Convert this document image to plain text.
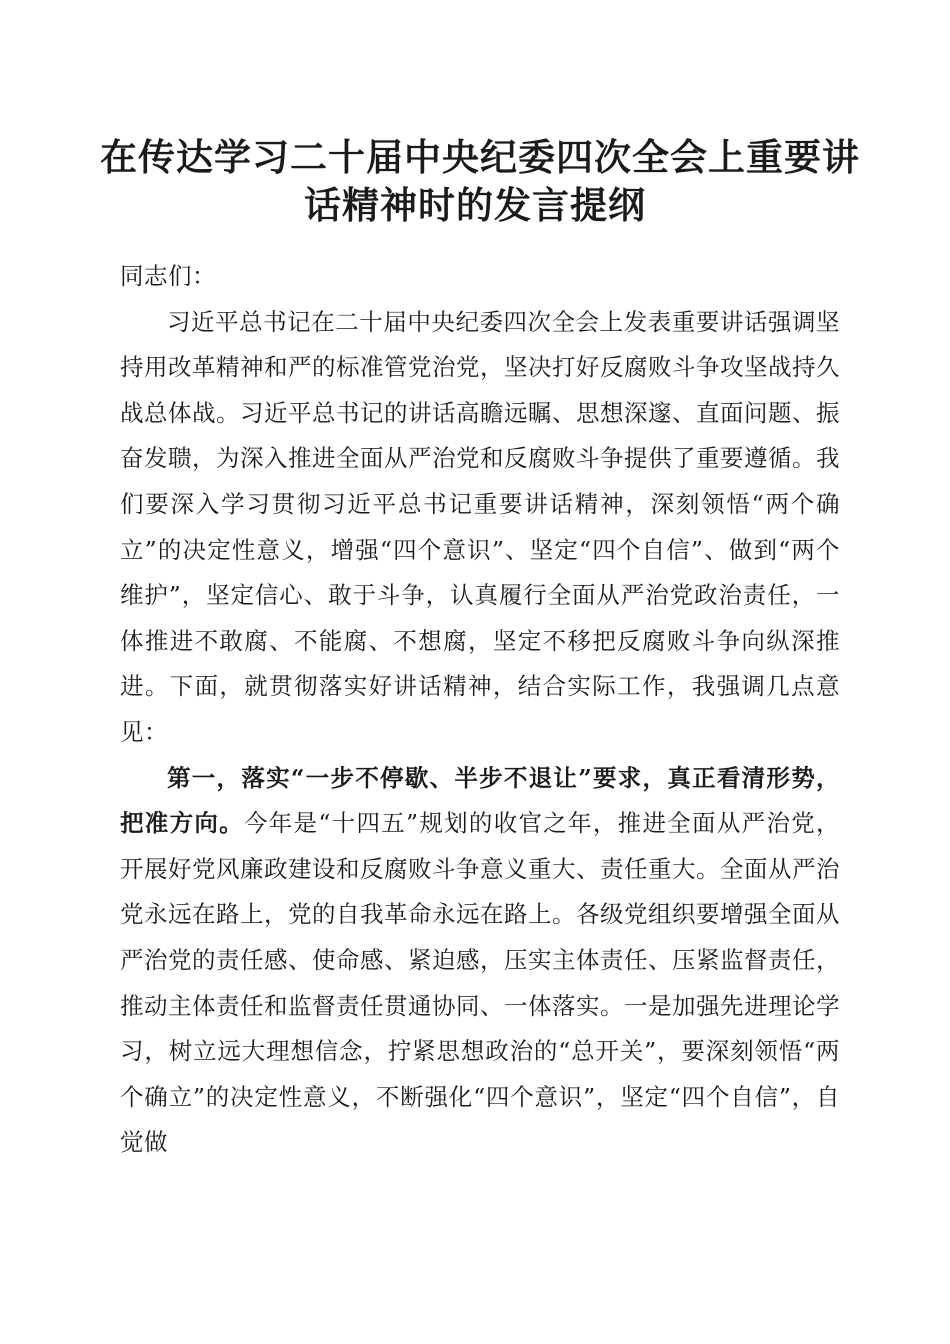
在传达学习二十届中央纪委四次全会上重要讲
话精神时的发言提纲

同志们：

习近平总书记在二十届中央纪委四次全会上发表重要讲话强调坚持用改革精神和严的标准管党治党，坚决打好反腐败斗争攻坚战持久战总体战。习近平总书记的讲话高瞻远瞩、思想深邃、直面问题、振奋发聩，为深入推进全面从严治党和反腐败斗争提供了重要遵循。我们要深入学习贯彻习近平总书记重要讲话精神，深刻领悟“两个确立”的决定性意义，增强“四个意识”、坚定“四个自信”、做到“两个维护”，坚定信心、敢于斗争，认真履行全面从严治党政治责任，一体推进不敢腐、不能腐、不想腐，坚定不移把反腐败斗争向纵深推进。下面，就贯彻落实好讲话精神，结合实际工作，我强调几点意见：

第一，落实“一步不停歇、半步不退让”要求，真正看清形势，把准方向。今年是“十四五”规划的收官之年，推进全面从严治党，开展好党风廉政建设和反腐败斗争意义重大、责任重大。全面从严治党永远在路上，党的自我革命永远在路上。各级党组织要增强全面从严治党的责任感、使命感、紧迫感，压实主体责任、压紧监督责任，推动主体责任和监督责任贯通协同、一体落实。一是加强先进理论学习，树立远大理想信念，拧紧思想政治的“总开关”，要深刻领悟“两个确立”的决定性意义，不断强化“四个意识”，坚定“四个自信”，自觉做
